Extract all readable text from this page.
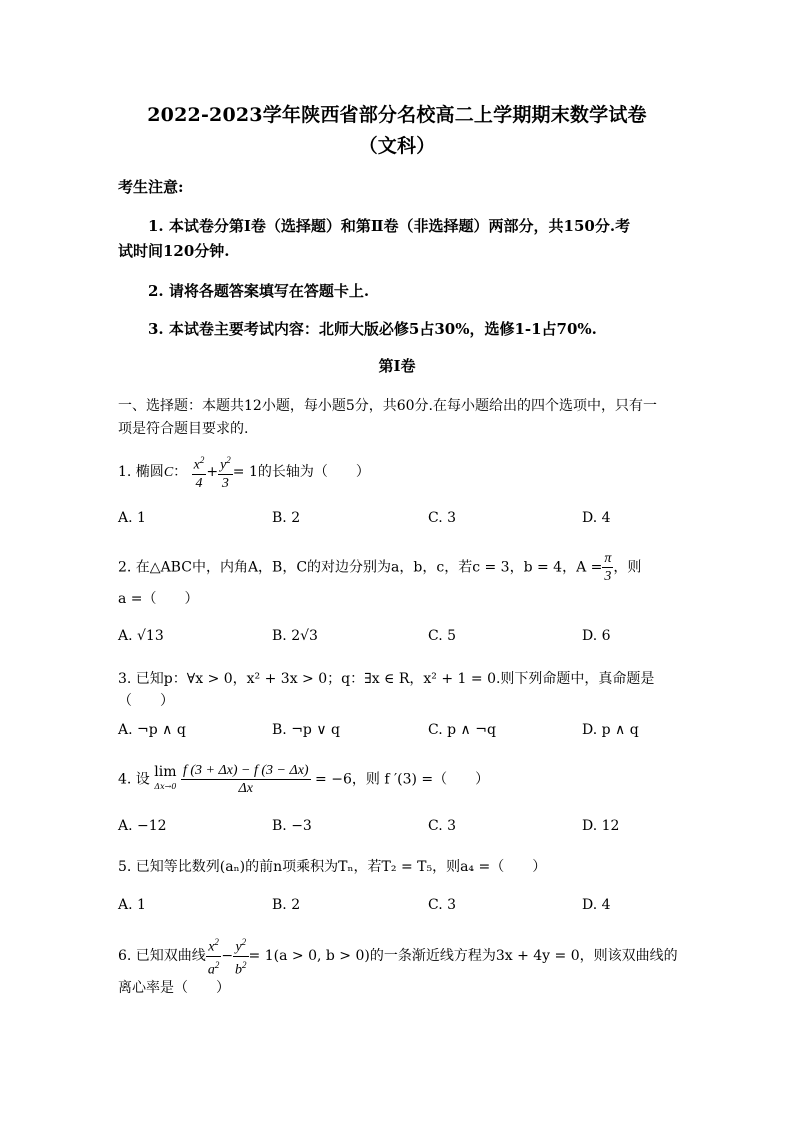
2022-2023学年陕西省部分名校高二上学期期末数学试卷
（文科）
考生注意:
1. 本试卷分第Ⅰ卷（选择题）和第Ⅱ卷（非选择题）两部分，共150分.考
试时间120分钟.
2. 请将各题答案填写在答题卡上.
3. 本试卷主要考试内容：北师大版必修5占30%，选修1-1占70%.
第Ⅰ卷
一、选择题：本题共12小题，每小题5分，共60分.在每小题给出的四个选项中，只有一
项是符合题目要求的.
1. 椭圆C： $\frac{x^2}{4} + \frac{y^2}{3} = 1$的长轴为（　　）
A. 1	B. 2	C. 3	D. 4
2. 在△ABC中，内角A，B，C的对边分别为a，b，c，若c = 3，b = 4，$A = \frac{\pi}{3}$ ，则
a =（　　）
A. √13	B. 2√3	C. 5	D. 6
3. 已知p：∀x > 0，x² + 3x > 0；q：∃x ∈ R，x² + 1 = 0.则下列命题中，真命题是
（　　）
A. ¬p ∧ q	B. ¬p ∨ q	C. p ∧ ¬q	D. p ∧ q
4. 设 lim
$\Delta x\to 0 \frac{f (3 + \Delta x) - f (3 - \Delta x)}{\Delta x} = -6$，则 f ′(3) =（　　）
A. −12	B. −3	C. 3	D. 12
5. 已知等比数列(aₙ)的前n项乘积为Tₙ，若T₂ = T₅，则a₄ =（　　）
A. 1	B. 2	C. 3	D. 4
6. 已知双曲线 $\frac{x^2}{a^2} - \frac{y^2}{b^2} = 1(a > 0$, b > 0)的一条渐近线方程为3x + 4y = 0，则该双曲线的
离心率是（　　）
